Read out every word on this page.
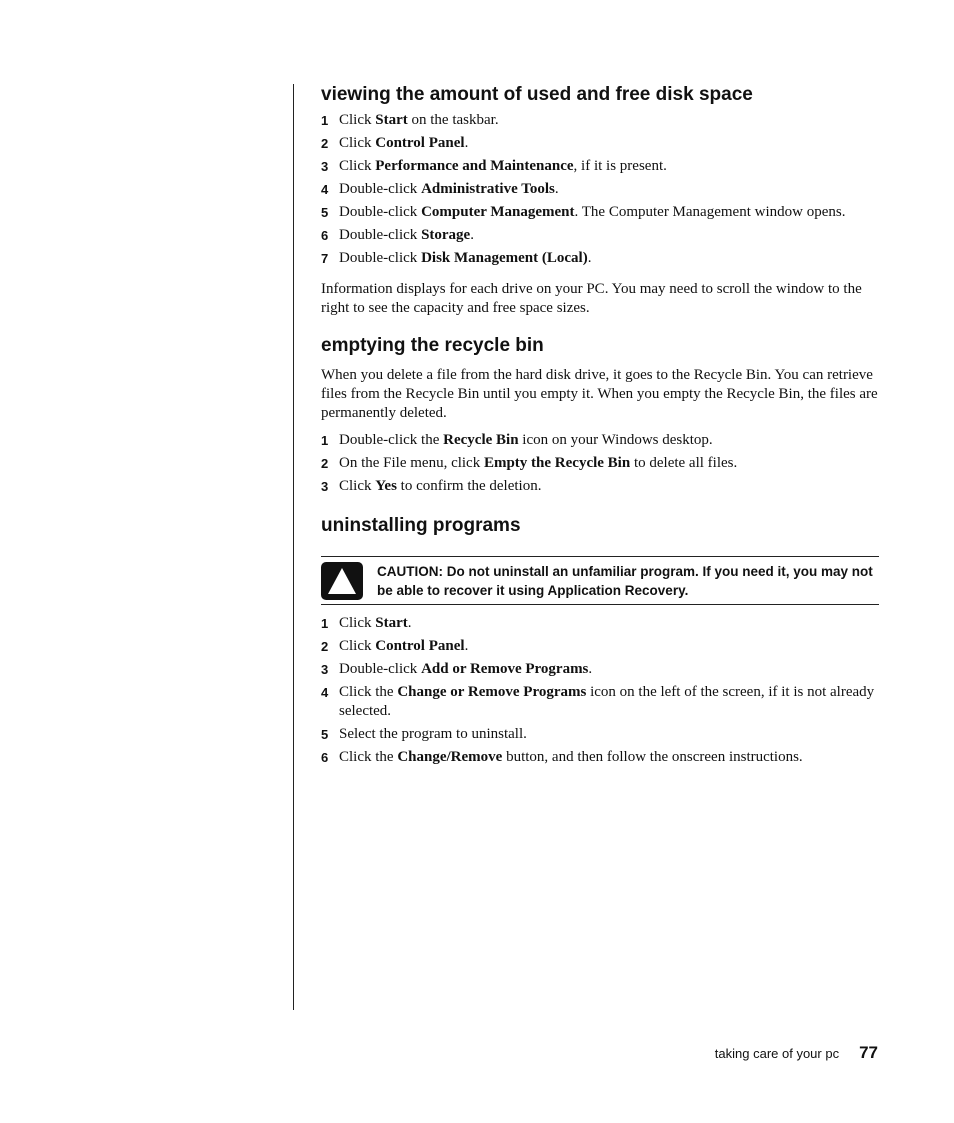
viewing the amount of used and free disk space
1 Click Start on the taskbar.
2 Click Control Panel.
3 Click Performance and Maintenance, if it is present.
4 Double-click Administrative Tools.
5 Double-click Computer Management. The Computer Management window opens.
6 Double-click Storage.
7 Double-click Disk Management (Local).

Information displays for each drive on your PC. You may need to scroll the window to the right to see the capacity and free space sizes.

emptying the recycle bin

When you delete a file from the hard disk drive, it goes to the Recycle Bin. You can retrieve files from the Recycle Bin until you empty it. When you empty the Recycle Bin, the files are permanently deleted.

1 Double-click the Recycle Bin icon on your Windows desktop.
2 On the File menu, click Empty the Recycle Bin to delete all files.
3 Click Yes to confirm the deletion.
uninstalling programs
CAUTION: Do not uninstall an unfamiliar program. If you need it, you may not be able to recover it using Application Recovery.
1 Click Start.
2 Click Control Panel.
3 Double-click Add or Remove Programs.
4 Click the Change or Remove Programs icon on the left of the screen, if it is not already selected.
5 Select the program to uninstall.
6 Click the Change/Remove button, and then follow the onscreen instructions.
taking care of your pc 77
